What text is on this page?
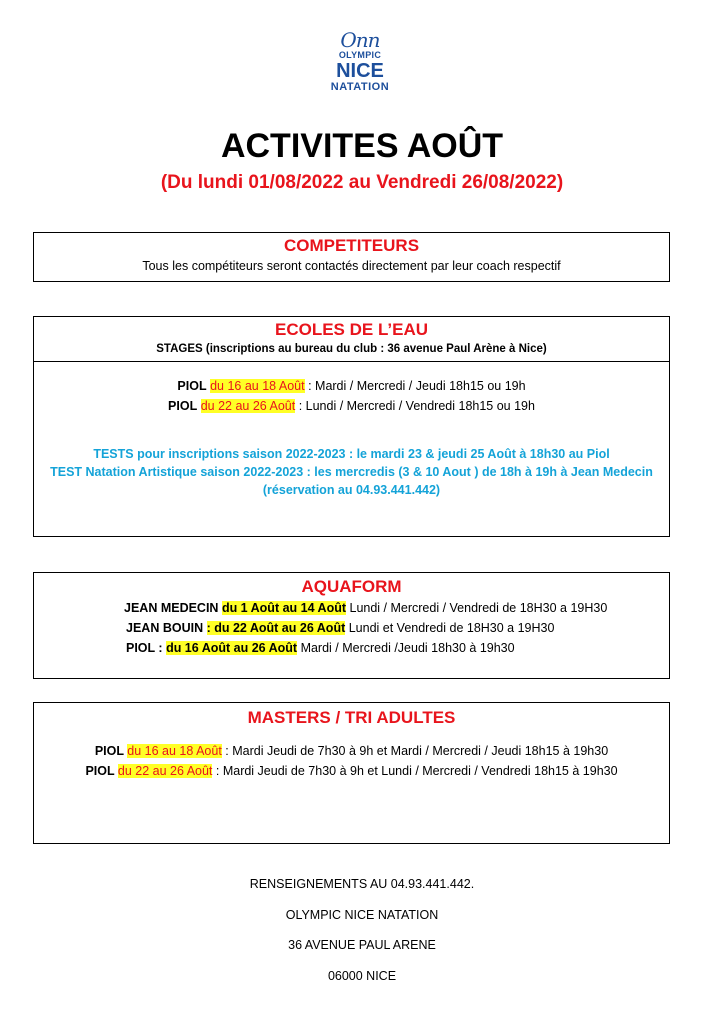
Onn
OLYMPIC
NICE
NATATION
ACTIVITES AOÛT
(Du lundi 01/08/2022 au Vendredi 26/08/2022)
COMPETITEURS
Tous les compétiteurs seront contactés directement par leur coach respectif
ECOLES DE L’EAU
STAGES (inscriptions au bureau du club : 36 avenue Paul Arène à Nice)
PIOL du 16 au 18 Août : Mardi / Mercredi / Jeudi 18h15 ou 19h
PIOL du 22 au 26 Août : Lundi / Mercredi / Vendredi 18h15 ou 19h
TESTS pour inscriptions saison 2022-2023 : le mardi 23 & jeudi 25 Août à 18h30 au Piol
TEST Natation Artistique saison 2022-2023 : les mercredis (3 & 10 Aout ) de 18h à 19h à Jean Medecin
(réservation au 04.93.441.442)
AQUAFORM
JEAN MEDECIN du 1 Août au 14 Août Lundi / Mercredi / Vendredi de 18H30 a 19H30
JEAN BOUIN : du 22 Août au 26 Août Lundi et Vendredi de 18H30 a 19H30
PIOL : du 16 Août au 26 Août Mardi / Mercredi /Jeudi 18h30 à 19h30
MASTERS / TRI ADULTES
PIOL du 16 au 18 Août : Mardi Jeudi de 7h30 à 9h et Mardi / Mercredi / Jeudi 18h15 à 19h30
PIOL du 22 au 26 Août : Mardi Jeudi de 7h30 à 9h et Lundi / Mercredi / Vendredi 18h15 à 19h30
RENSEIGNEMENTS AU 04.93.441.442.
OLYMPIC NICE NATATION
36 AVENUE PAUL ARENE
06000 NICE
